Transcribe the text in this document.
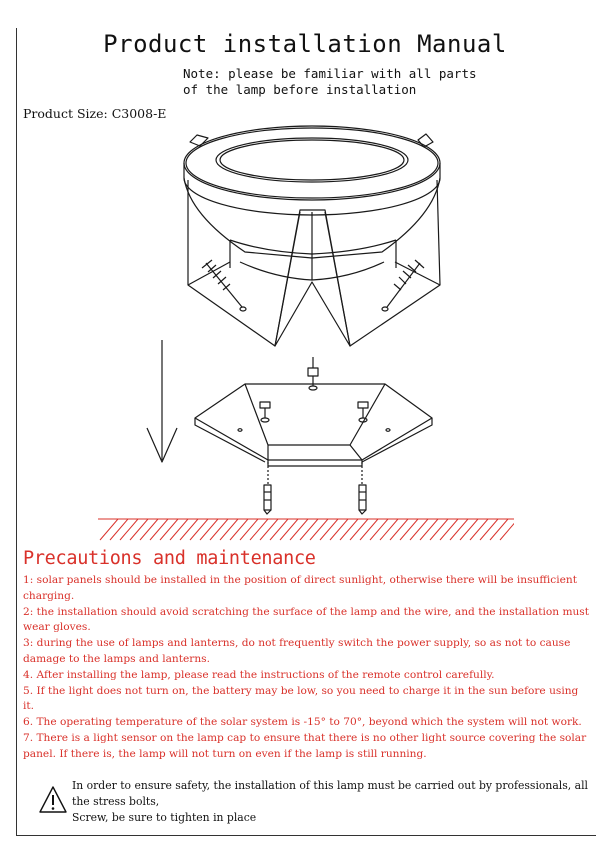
Product installation Manual
Note: please be familiar with all parts
of the lamp before installation
Product Size: C3008-E
Precautions and maintenance

1: solar panels should be installed in the position of direct sunlight, otherwise there will be insufficient charging.

2: the installation should avoid scratching the surface of the lamp and the wire, and the installation must wear gloves.

3: during the use of lamps and lanterns, do not frequently switch the power supply, so as not to cause damage to the lamps and lanterns.

4. After installing the lamp, please read the instructions of the remote control carefully.

5. If the light does not turn on, the battery may be low, so you need to charge it in the sun before using it.

6. The operating temperature of the solar system is -15° to 70°, beyond which the system will not work.

7. There is a light sensor on the lamp cap to ensure that there is no other light source covering the solar panel. If there is, the lamp will not turn on even if the lamp is still running.

In order to ensure safety, the installation of this lamp must be carried out by professionals, all the stress bolts,

Screw, be sure to tighten in place
